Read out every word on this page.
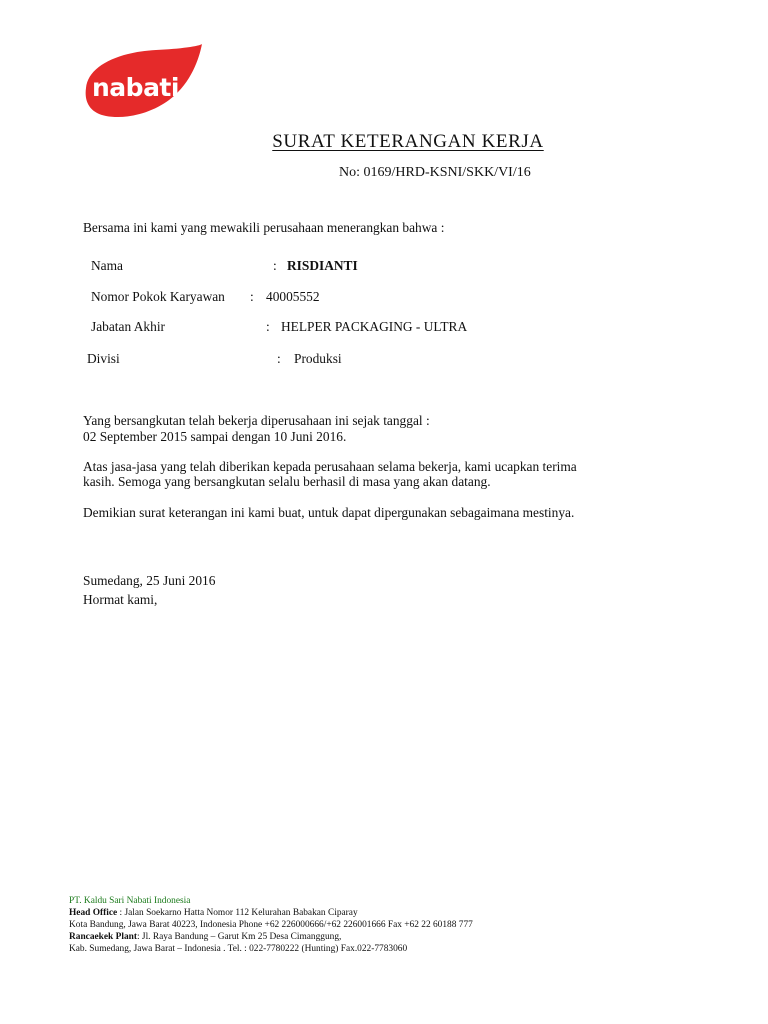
nabati
SURAT KETERANGAN KERJA
No: 0169/HRD-KSNI/SKK/VI/16
Bersama ini kami yang mewakili perusahaan menerangkan bahwa :
Nama	: RISDIANTI
Nomor Pokok Karyawan : 40005552
Jabatan Akhir	: HELPER PACKAGING - ULTRA
Divisi	: Produksi
Yang bersangkutan telah bekerja diperusahaan ini sejak tanggal :
02 September 2015 sampai dengan 10 Juni 2016.
Atas jasa-jasa yang telah diberikan kepada perusahaan selama bekerja, kami ucapkan terima
kasih. Semoga yang bersangkutan selalu berhasil di masa yang akan datang.
Demikian surat keterangan ini kami buat, untuk dapat dipergunakan sebagaimana mestinya.
Sumedang, 25 Juni 2016
Hormat kami,
PT. Kaldu Sari Nabati Indonesia
Head Office : Jalan Soekarno Hatta Nomor 112 Kelurahan Babakan Ciparay
Kota Bandung, Jawa Barat 40223, Indonesia Phone +62 226000666/+62 226001666 Fax +62 22 60188 777
Rancaekek Plant: Jl. Raya Bandung – Garut Km 25 Desa Cimanggung,
Kab. Sumedang, Jawa Barat – Indonesia . Tel. : 022-7780222 (Hunting) Fax.022-7783060
